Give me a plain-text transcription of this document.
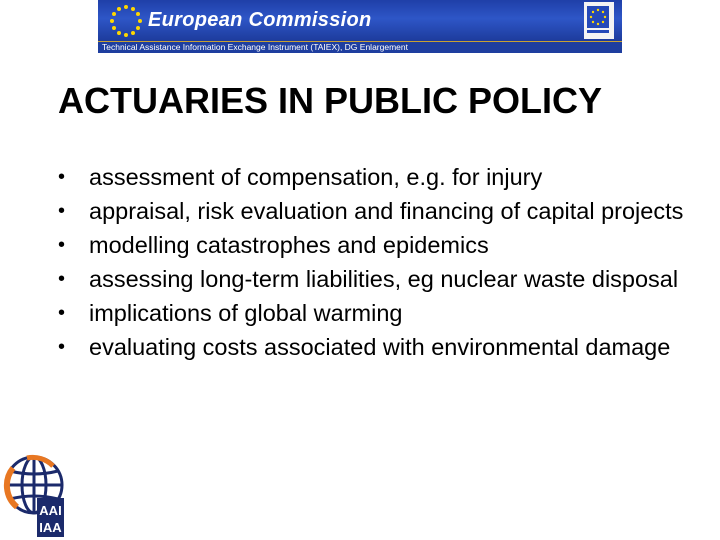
European Commission
Technical Assistance Information Exchange Instrument (TAIEX), DG Enlargement
ACTUARIES IN PUBLIC POLICY
•	assessment of compensation, e.g. for injury
•	appraisal, risk evaluation and financing of capital projects
•	modelling catastrophes and epidemics
•	assessing long-term liabilities, eg nuclear waste disposal
•	implications of global warming
•	evaluating costs associated with environmental damage
AAI
IAA
